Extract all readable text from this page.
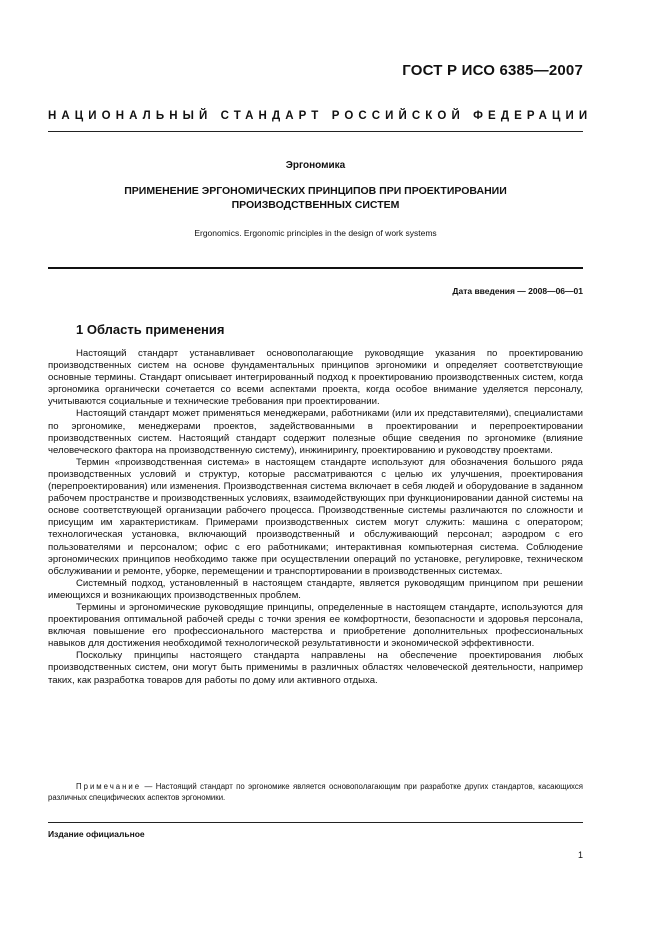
ГОСТ Р ИСО 6385—2007
НАЦИОНАЛЬНЫЙ СТАНДАРТ РОССИЙСКОЙ ФЕДЕРАЦИИ
Эргономика
ПРИМЕНЕНИЕ ЭРГОНОМИЧЕСКИХ ПРИНЦИПОВ ПРИ ПРОЕКТИРОВАНИИ
ПРОИЗВОДСТВЕННЫХ СИСТЕМ
Ergonomics. Ergonomic principles in the design of work systems
Дата введения — 2008—06—01
1 Область применения

Настоящий стандарт устанавливает основополагающие руководящие указания по проектированию производственных систем на основе фундаментальных принципов эргономики и определяет соответствующие основные термины. Стандарт описывает интегрированный подход к проектированию производственных систем, когда эргономика органически сочетается со всеми аспектами проекта, когда особое внимание уделяется персоналу, учитываются социальные и технические требования при проектировании.

Настоящий стандарт может применяться менеджерами, работниками (или их представителями), специалистами по эргономике, менеджерами проектов, задействованными в проектировании и перепроектировании производственных систем. Настоящий стандарт содержит полезные общие сведения по эргономике (влияние человеческого фактора на производственную систему), инжинирингу, проектированию и руководству проектами.

Термин «производственная система» в настоящем стандарте используют для обозначения большого ряда производственных условий и структур, которые рассматриваются с целью их улучшения, проектирования (перепроектирования) или изменения. Производственная система включает в себя людей и оборудование в заданном рабочем пространстве и производственных условиях, взаимодействующих при функционировании данной системы на основе соответствующей организации рабочего процесса. Производственные системы различаются по сложности и присущим им характеристикам. Примерами производственных систем могут служить: машина с оператором; технологическая установка, включающий производственный и обслуживающий персонал; аэродром с его пользователями и персоналом; офис с его работниками; интерактивная компьютерная система. Соблюдение эргономических принципов необходимо также при осуществлении операций по установке, регулировке, техническом обслуживании и ремонте, уборке, перемещении и транспортировании в производственных системах.

Системный подход, установленный в настоящем стандарте, является руководящим принципом при решении имеющихся и возникающих производственных проблем.

Термины и эргономические руководящие принципы, определенные в настоящем стандарте, используются для проектирования оптимальной рабочей среды с точки зрения ее комфортности, безопасности и здоровья персонала, включая повышение его профессионального мастерства и приобретение дополнительных профессиональных навыков для достижения необходимой технологической результативности и экономической эффективности.

Поскольку принципы настоящего стандарта направлены на обеспечение проектирования любых производственных систем, они могут быть применимы в различных областях человеческой деятельности, например таких, как разработка товаров для работы по дому или активного отдыха.

Примечание — Настоящий стандарт по эргономике является основополагающим при разработке других стандартов, касающихся различных специфических аспектов эргономики.
Издание официальное
1
